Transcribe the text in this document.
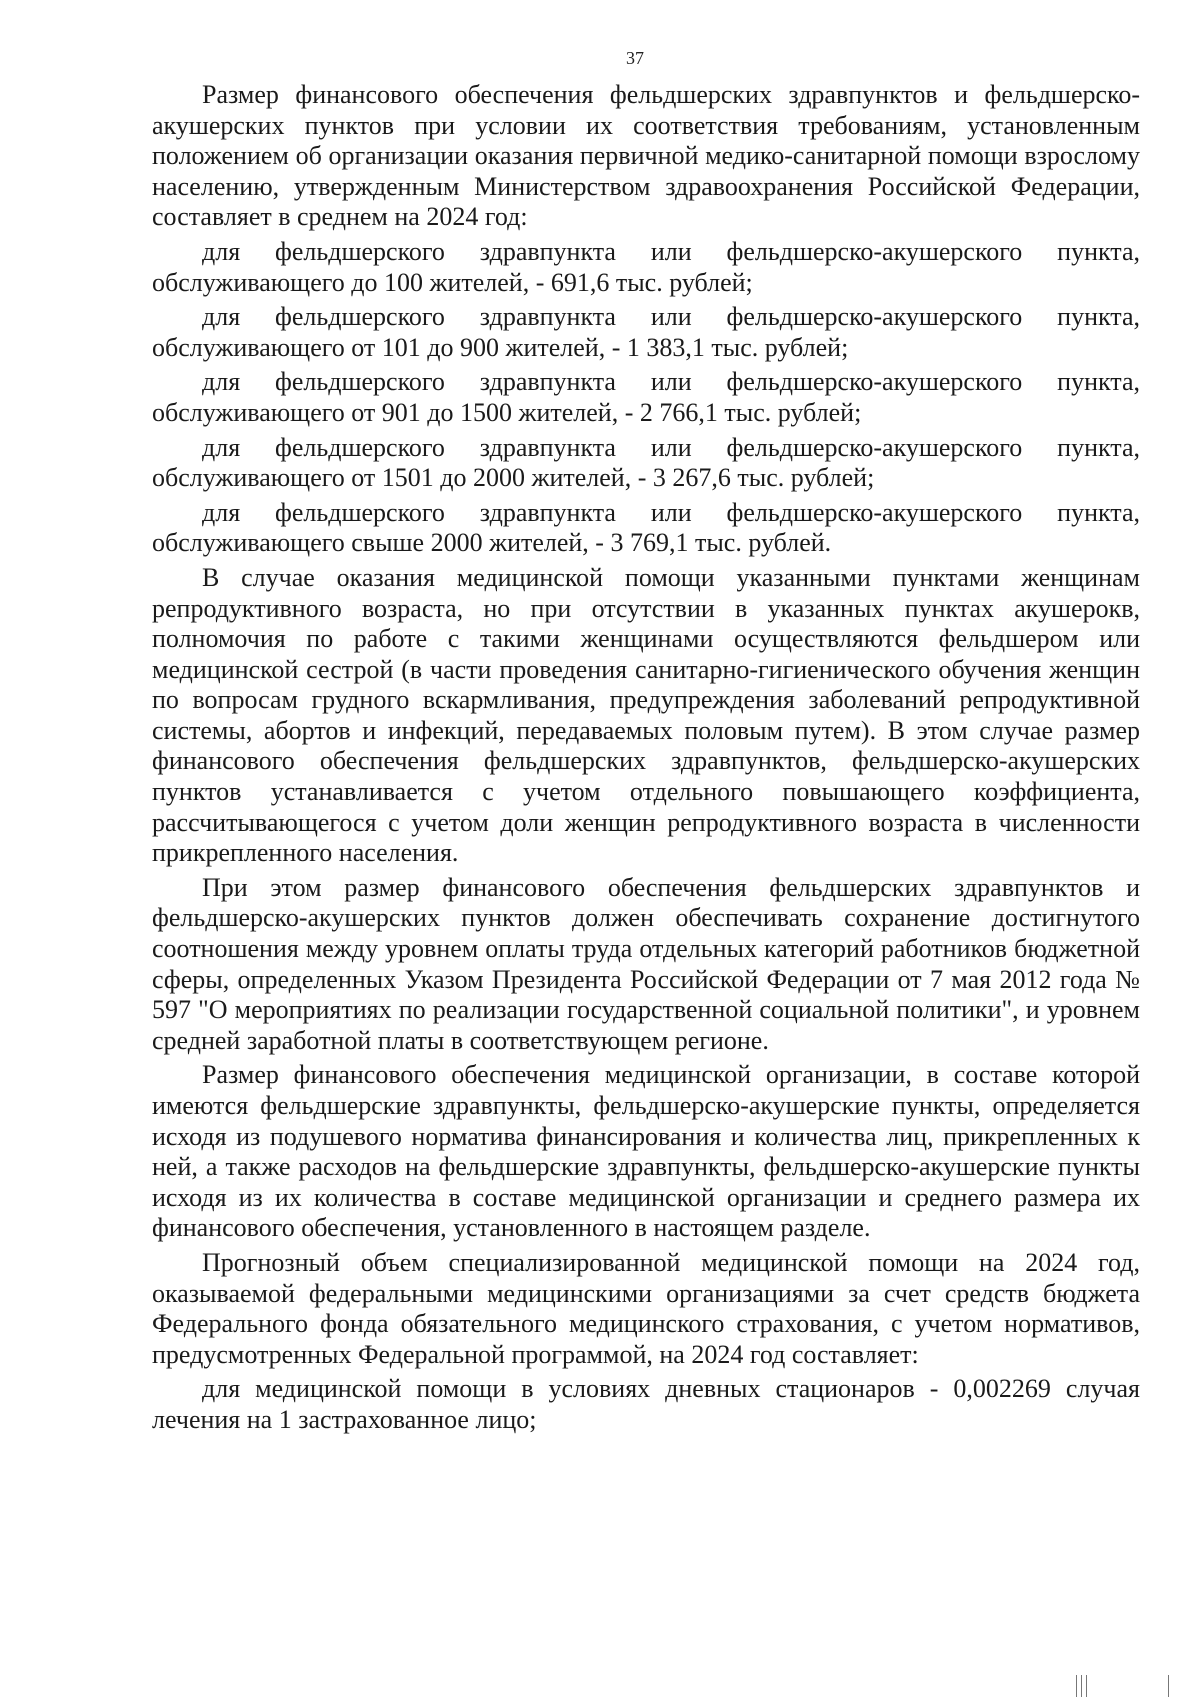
37

Размер финансового обеспечения фельдшерских здравпунктов и фельдшерско-акушерских пунктов при условии их соответствия требованиям, установленным положением об организации оказания первичной медико-санитарной помощи взрослому населению, утвержденным Министерством здравоохранения Российской Федерации, составляет в среднем на 2024 год:

для фельдшерского здравпункта или фельдшерско-акушерского пункта, обслуживающего до 100 жителей, - 691,6 тыс. рублей;

для фельдшерского здравпункта или фельдшерско-акушерского пункта, обслуживающего от 101 до 900 жителей, - 1 383,1 тыс. рублей;

для фельдшерского здравпункта или фельдшерско-акушерского пункта, обслуживающего от 901 до 1500 жителей, - 2 766,1 тыс. рублей;

для фельдшерского здравпункта или фельдшерско-акушерского пункта, обслуживающего от 1501 до 2000 жителей, - 3 267,6 тыс. рублей;

для фельдшерского здравпункта или фельдшерско-акушерского пункта, обслуживающего свыше 2000 жителей, - 3 769,1 тыс. рублей.

В случае оказания медицинской помощи указанными пунктами женщинам репродуктивного возраста, но при отсутствии в указанных пунктах акушерокв, полномочия по работе с такими женщинами осуществляются фельдшером или медицинской сестрой (в части проведения санитарно-гигиенического обучения женщин по вопросам грудного вскармливания, предупреждения заболеваний репродуктивной системы, абортов и инфекций, передаваемых половым путем). В этом случае размер финансового обеспечения фельдшерских здравпунктов, фельдшерско-акушерских пунктов устанавливается с учетом отдельного повышающего коэффициента, рассчитывающегося с учетом доли женщин репродуктивного возраста в численности прикрепленного населения.

При этом размер финансового обеспечения фельдшерских здравпунктов и фельдшерско-акушерских пунктов должен обеспечивать сохранение достигнутого соотношения между уровнем оплаты труда отдельных категорий работников бюджетной сферы, определенных Указом Президента Российской Федерации от 7 мая 2012 года № 597 "О мероприятиях по реализации государственной социальной политики", и уровнем средней заработной платы в соответствующем регионе.

Размер финансового обеспечения медицинской организации, в составе которой имеются фельдшерские здравпункты, фельдшерско-акушерские пункты, определяется исходя из подушевого норматива финансирования и количества лиц, прикрепленных к ней, а также расходов на фельдшерские здравпункты, фельдшерско-акушерские пункты исходя из их количества в составе медицинской организации и среднего размера их финансового обеспечения, установленного в настоящем разделе.

Прогнозный объем специализированной медицинской помощи на 2024 год, оказываемой федеральными медицинскими организациями за счет средств бюджета Федерального фонда обязательного медицинского страхования, с учетом нормативов, предусмотренных Федеральной программой, на 2024 год составляет:

для медицинской помощи в условиях дневных стационаров - 0,002269 случая лечения на 1 застрахованное лицо;
